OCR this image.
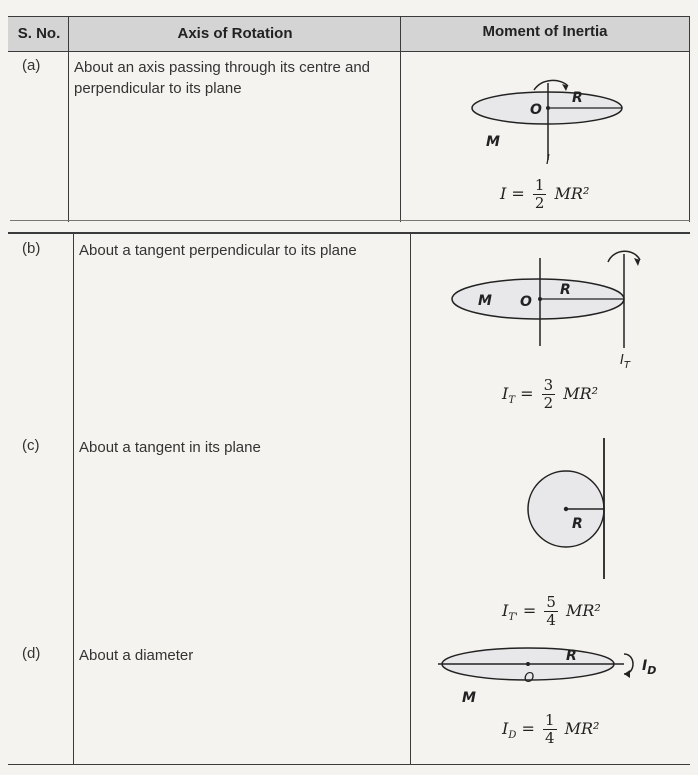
S. No.	Axis of Rotation	Moment of Inertia
(a) About an axis passing through its centre and perpendicular to its plane
O
R
M
I
$I = \frac{1}{2} MR^2$
(b)	About a tangent perpendicular to its plane
M O
R
$I_T$
$I_T = \frac{3}{2} MR^2$
(c)	About a tangent in its plane
R
$I_{T'} = \frac{5}{4} MR^2$
(d)	About a diameter
O
R
M
$I_D$
$I_D = \frac{1}{4} MR^2$
